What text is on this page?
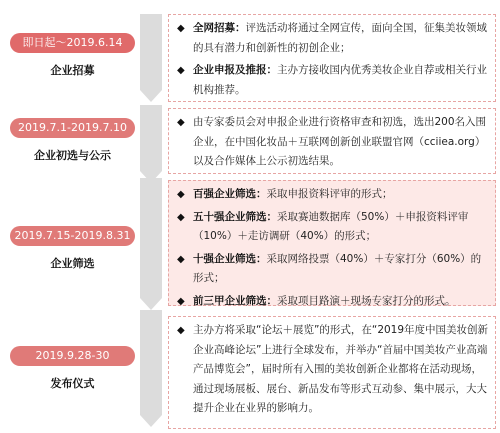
即日起～2019.6.14
企业招募
◆ 全网招募：评选活动将通过全网宣传，面向全国，征集美妆领域的具有潜力和创新性的初创企业；
◆ 企业申报及推报：主办方接收国内优秀美妆企业自荐或相关行业机构推荐。
2019.7.1-2019.7.10
企业初选与公示
◆ 由专家委员会对申报企业进行资格审查和初选，选出200名入围企业，在中国化妆品＋互联网创新创业联盟官网（cciiea.org）以及合作媒体上公示初选结果。
2019.7.15-2019.8.31
企业筛选
◆ 百强企业筛选：采取申报资料评审的形式；
◆ 五十强企业筛选：采取赛迪数据库（50%）＋申报资料评审（10%）＋走访调研（40%）的形式；
◆ 十强企业筛选：采取网络投票（40%）＋专家打分（60%）的形式；
◆ 前三甲企业筛选：采取项目路演＋现场专家打分的形式。
2019.9.28-30
发布仪式
◆ 主办方将采取“论坛＋展览”的形式，在“2019年度中国美妆创新企业高峰论坛”上进行全球发布，并举办“首届中国美妆产业高端产品博览会”，届时所有入围的美妆创新企业都将在活动现场，通过现场展板、展台、新品发布等形式互动参、集中展示，大大提升企业在业界的影响力。
